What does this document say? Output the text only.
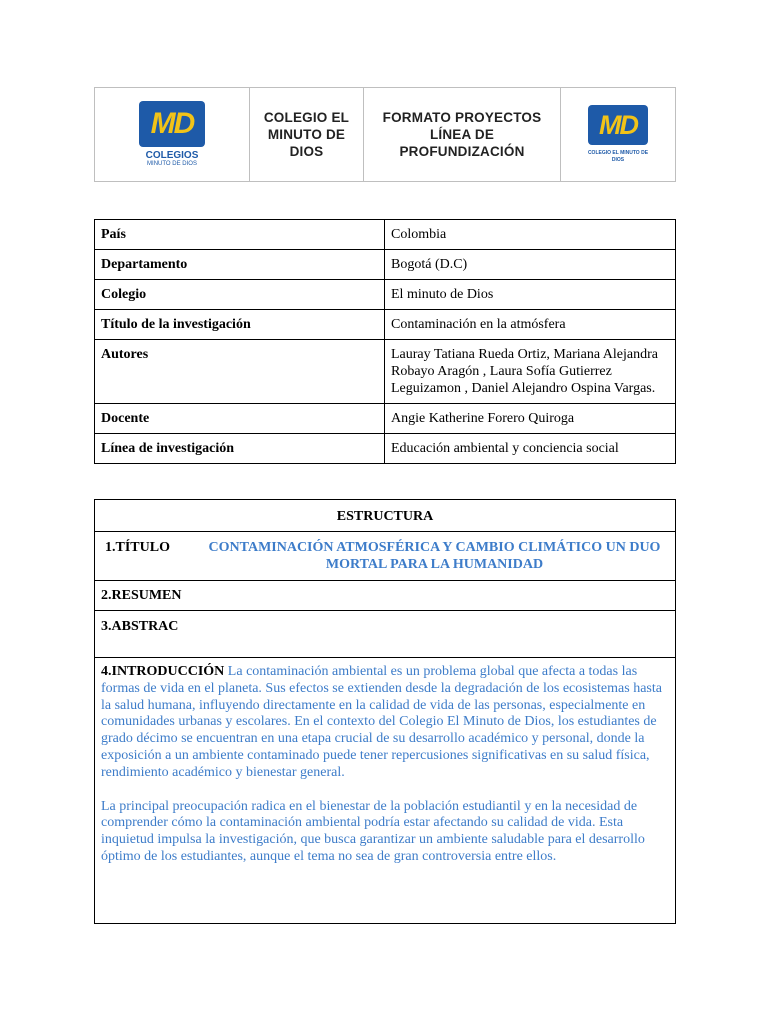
MD
COLEGIOS
MINUTO DE DIOS
COLEGIO EL
MINUTO DE
DIOS
FORMATO PROYECTOS
LÍNEA DE
PROFUNDIZACIÓN
MD
COLEGIO EL MINUTO DE DIOS
País	Colombia
Departamento	Bogotá (D.C)
Colegio	El minuto de Dios
Título de la investigación	Contaminación en la atmósfera
Autores	Lauray Tatiana Rueda Ortiz, Mariana Alejandra Robayo Aragón , Laura Sofía Gutierrez Leguizamon , Daniel Alejandro Ospina Vargas.
Docente	Angie Katherine Forero Quiroga
Línea de investigación	Educación ambiental y conciencia social
ESTRUCTURA

1.TÍTULO	CONTAMINACIÓN ATMOSFÉRICA Y CAMBIO CLIMÁTICO UN DUO MORTAL PARA LA HUMANIDAD

2.RESUMEN
3.ABSTRAC

4.INTRODUCCIÓN La contaminación ambiental es un problema global que afecta a todas las formas de vida en el planeta. Sus efectos se extienden desde la degradación de los ecosistemas hasta la salud humana, influyendo directamente en la calidad de vida de las personas, especialmente en comunidades urbanas y escolares. En el contexto del Colegio El Minuto de Dios, los estudiantes de grado décimo se encuentran en una etapa crucial de su desarrollo académico y personal, donde la exposición a un ambiente contaminado puede tener repercusiones significativas en su salud física, rendimiento académico y bienestar general.
La principal preocupación radica en el bienestar de la población estudiantil y en la necesidad de comprender cómo la contaminación ambiental podría estar afectando su calidad de vida. Esta inquietud impulsa la investigación, que busca garantizar un ambiente saludable para el desarrollo óptimo de los estudiantes, aunque el tema no sea de gran controversia entre ellos.
